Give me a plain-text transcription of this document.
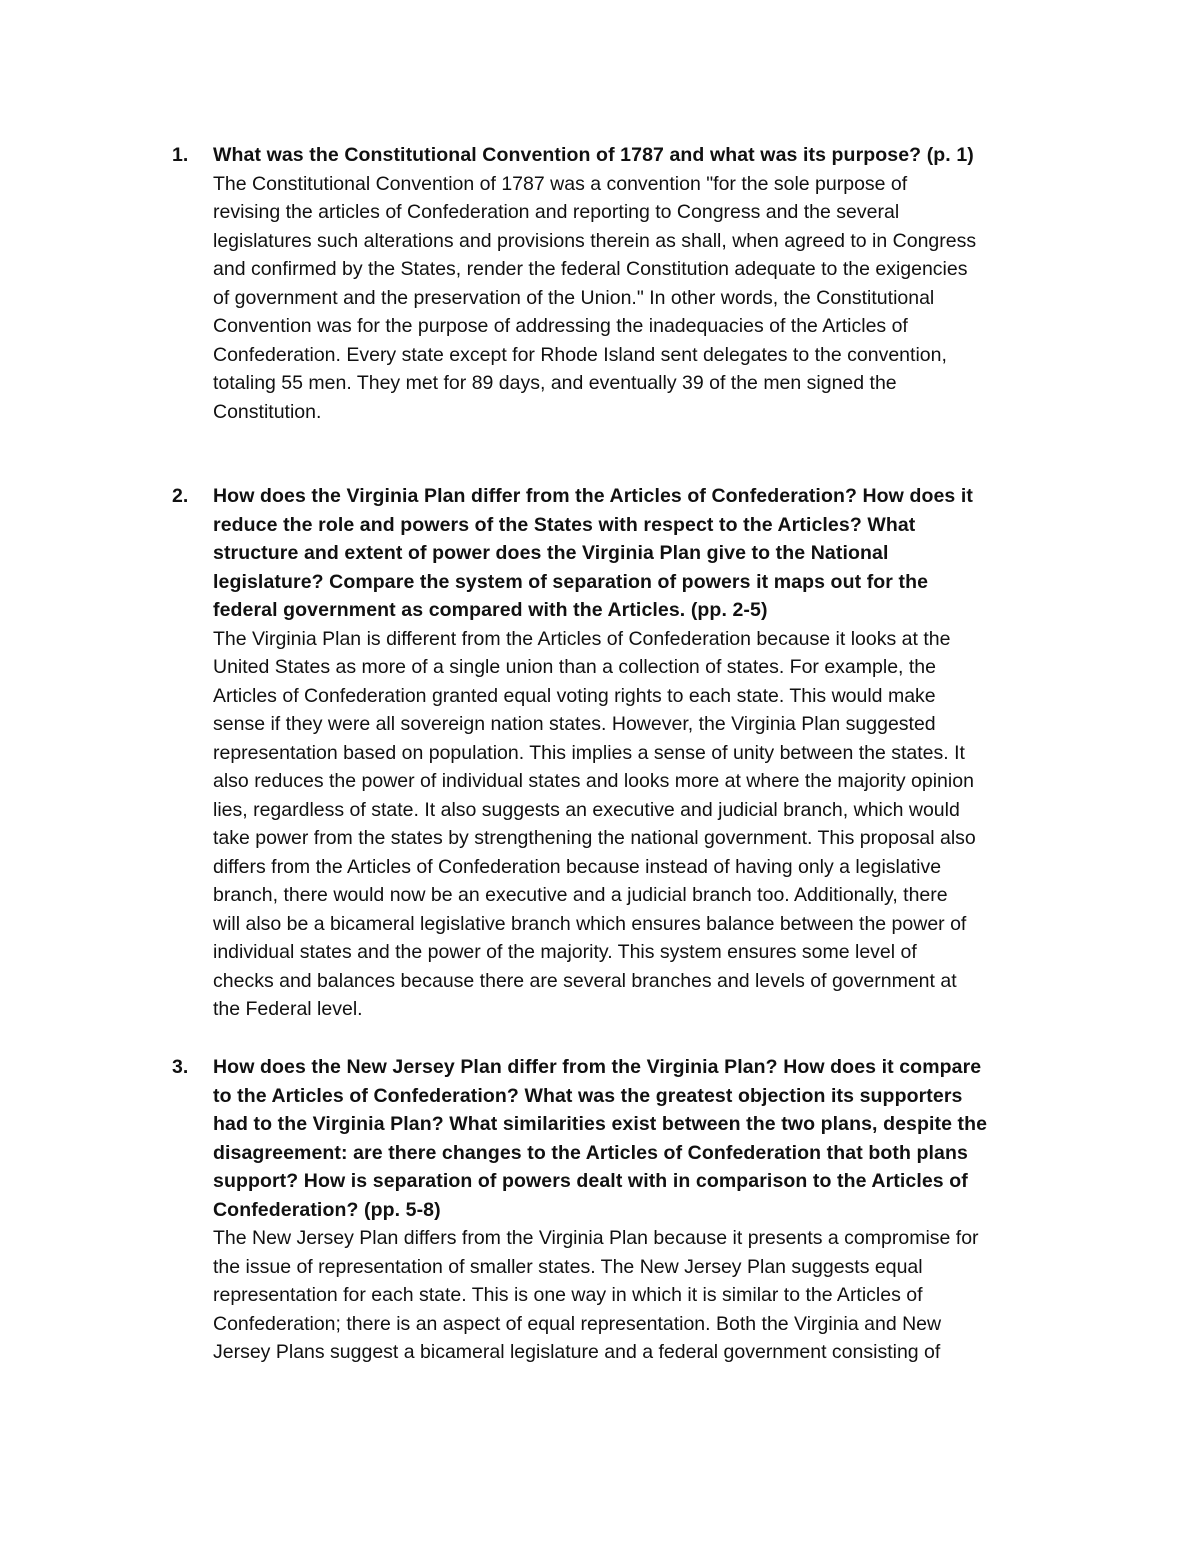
1.	What was the Constitutional Convention of 1787 and what was its purpose? (p. 1)
The Constitutional Convention of 1787 was a convention "for the sole purpose of
revising the articles of Confederation and reporting to Congress and the several
legislatures such alterations and provisions therein as shall, when agreed to in Congress
and confirmed by the States, render the federal Constitution adequate to the exigencies
of government and the preservation of the Union." In other words, the Constitutional
Convention was for the purpose of addressing the inadequacies of the Articles of
Confederation. Every state except for Rhode Island sent delegates to the convention,
totaling 55 men. They met for 89 days, and eventually 39 of the men signed the
Constitution.
2.	How does the Virginia Plan differ from the Articles of Confederation? How does it
reduce the role and powers of the States with respect to the Articles? What
structure and extent of power does the Virginia Plan give to the National
legislature? Compare the system of separation of powers it maps out for the
federal government as compared with the Articles. (pp. 2-5)
The Virginia Plan is different from the Articles of Confederation because it looks at the
United States as more of a single union than a collection of states. For example, the
Articles of Confederation granted equal voting rights to each state. This would make
sense if they were all sovereign nation states. However, the Virginia Plan suggested
representation based on population. This implies a sense of unity between the states. It
also reduces the power of individual states and looks more at where the majority opinion
lies, regardless of state. It also suggests an executive and judicial branch, which would
take power from the states by strengthening the national government. This proposal also
differs from the Articles of Confederation because instead of having only a legislative
branch, there would now be an executive and a judicial branch too. Additionally, there
will also be a bicameral legislative branch which ensures balance between the power of
individual states and the power of the majority. This system ensures some level of
checks and balances because there are several branches and levels of government at
the Federal level.
3.	How does the New Jersey Plan differ from the Virginia Plan? How does it compare
to the Articles of Confederation? What was the greatest objection its supporters
had to the Virginia Plan? What similarities exist between the two plans, despite the
disagreement: are there changes to the Articles of Confederation that both plans
support? How is separation of powers dealt with in comparison to the Articles of
Confederation? (pp. 5-8)
The New Jersey Plan differs from the Virginia Plan because it presents a compromise for
the issue of representation of smaller states. The New Jersey Plan suggests equal
representation for each state. This is one way in which it is similar to the Articles of
Confederation; there is an aspect of equal representation. Both the Virginia and New
Jersey Plans suggest a bicameral legislature and a federal government consisting of
